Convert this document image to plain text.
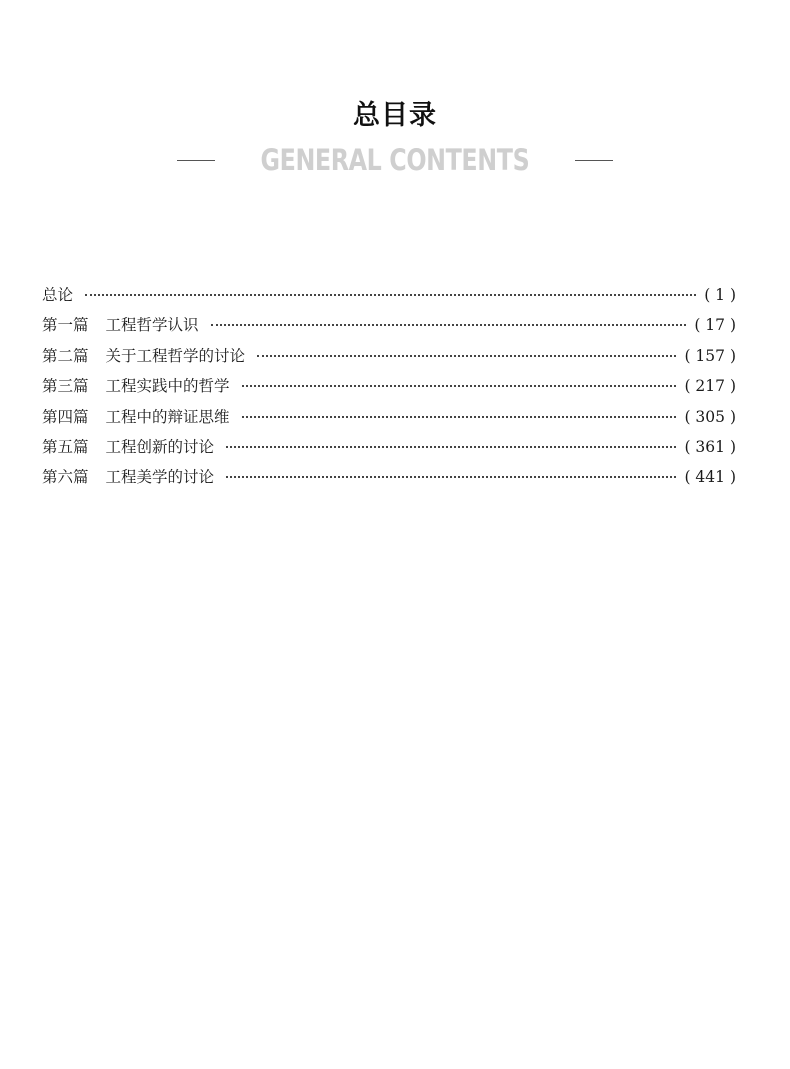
总目录
GENERAL CONTENTS
总论	( 1 )
第一篇 工程哲学认识	( 17 )
第二篇 关于工程哲学的讨论	( 157 )
第三篇 工程实践中的哲学	( 217 )
第四篇 工程中的辩证思维	( 305 )
第五篇 工程创新的讨论	( 361 )
第六篇 工程美学的讨论	( 441 )
